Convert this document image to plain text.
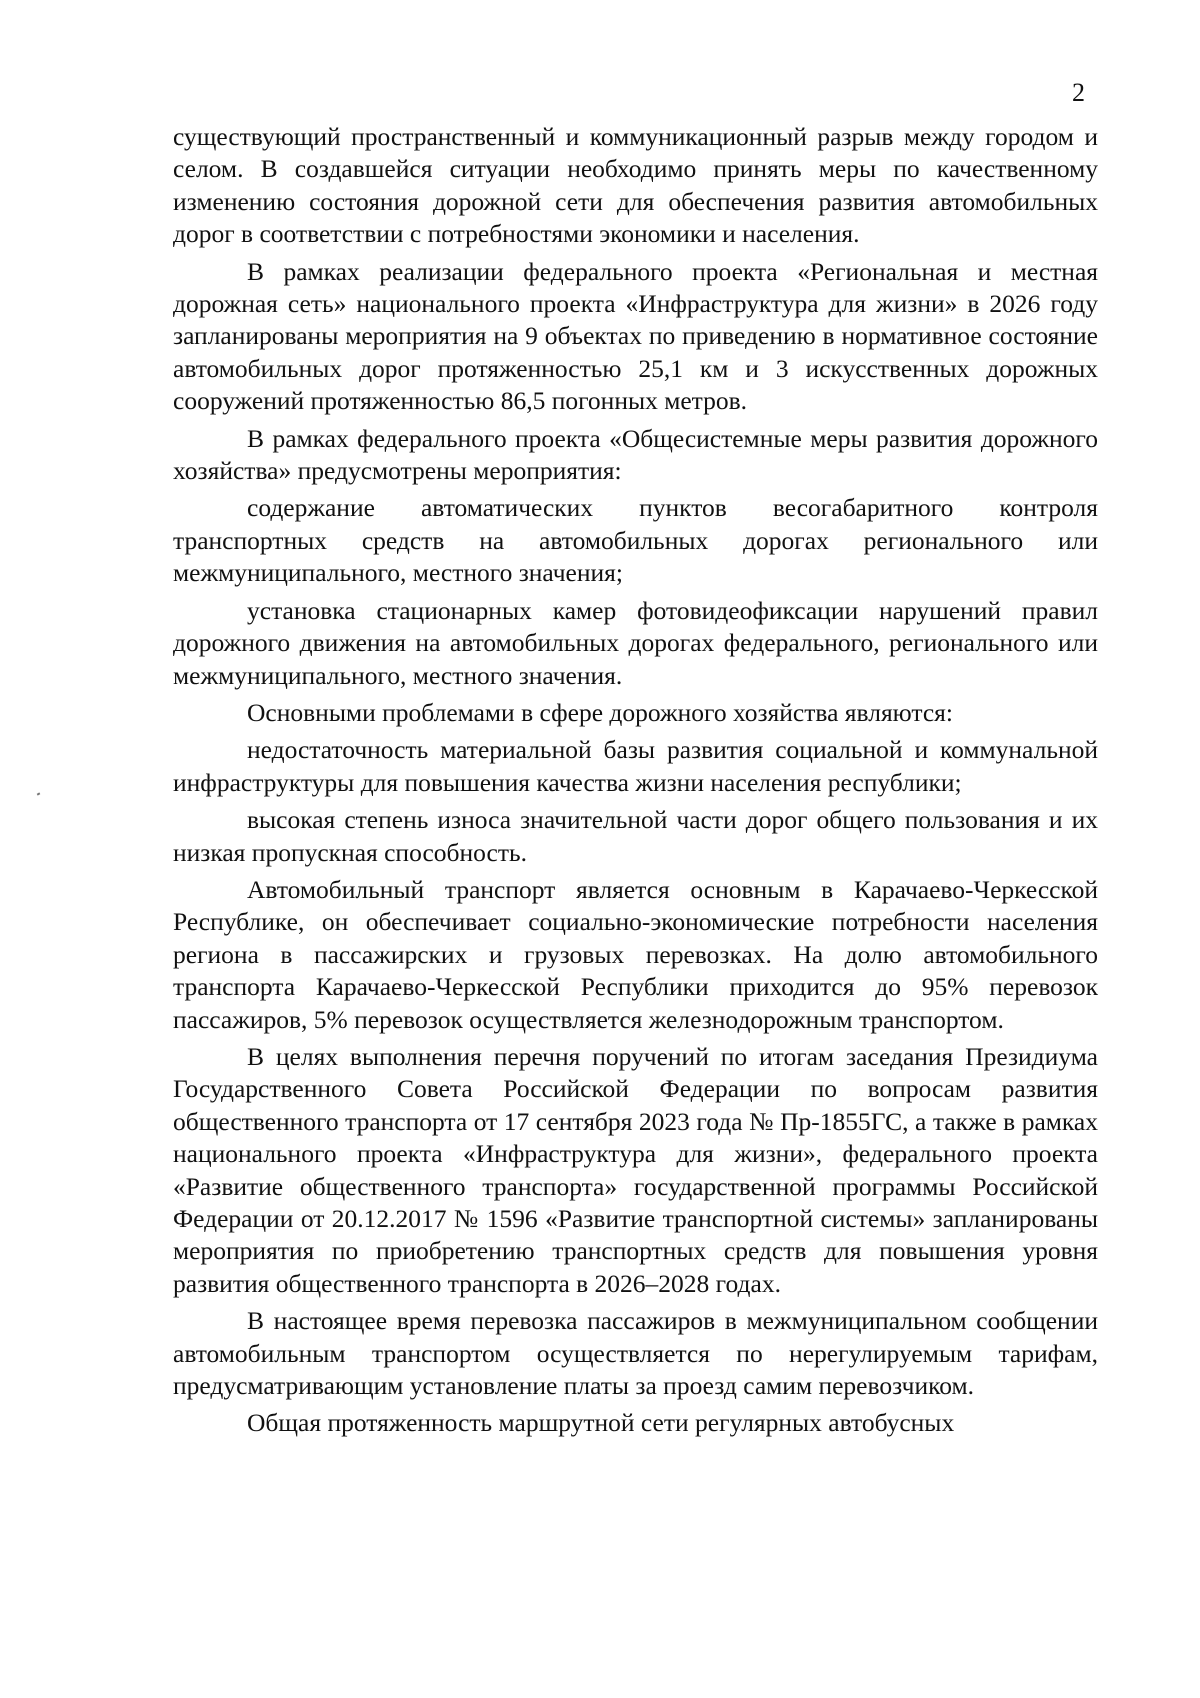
2

существующий пространственный и коммуникационный разрыв между городом и селом. В создавшейся ситуации необходимо принять меры по качественному изменению состояния дорожной сети для обеспечения развития автомобильных дорог в соответствии с потребностями экономики и населения.

В рамках реализации федерального проекта «Региональная и местная дорожная сеть» национального проекта «Инфраструктура для жизни» в 2026 году запланированы мероприятия на 9 объектах по приведению в нормативное состояние автомобильных дорог протяженностью 25,1 км и 3 искусственных дорожных сооружений протяженностью 86,5 погонных метров.

В рамках федерального проекта «Общесистемные меры развития дорожного хозяйства» предусмотрены мероприятия:

содержание автоматических пунктов весогабаритного контроля транспортных средств на автомобильных дорогах регионального или межмуниципального, местного значения;

установка стационарных камер фотовидеофиксации нарушений правил дорожного движения на автомобильных дорогах федерального, регионального или межмуниципального, местного значения.

Основными проблемами в сфере дорожного хозяйства являются:

недостаточность материальной базы развития социальной и коммунальной инфраструктуры для повышения качества жизни населения республики;

высокая степень износа значительной части дорог общего пользования и их низкая пропускная способность.

Автомобильный транспорт является основным в Карачаево-Черкесской Республике, он обеспечивает социально-экономические потребности населения региона в пассажирских и грузовых перевозках. На долю автомобильного транспорта Карачаево-Черкесской Республики приходится до 95% перевозок пассажиров, 5% перевозок осуществляется железнодорожным транспортом.

В целях выполнения перечня поручений по итогам заседания Президиума Государственного Совета Российской Федерации по вопросам развития общественного транспорта от 17 сентября 2023 года № Пр-1855ГС, а также в рамках национального проекта «Инфраструктура для жизни», федерального проекта «Развитие общественного транспорта» государственной программы Российской Федерации от 20.12.2017 № 1596 «Развитие транспортной системы» запланированы мероприятия по приобретению транспортных средств для повышения уровня развития общественного транспорта в 2026–2028 годах.

В настоящее время перевозка пассажиров в межмуниципальном сообщении автомобильным транспортом осуществляется по нерегулируемым тарифам, предусматривающим установление платы за проезд самим перевозчиком.

Общая протяженность маршрутной сети регулярных автобусных
